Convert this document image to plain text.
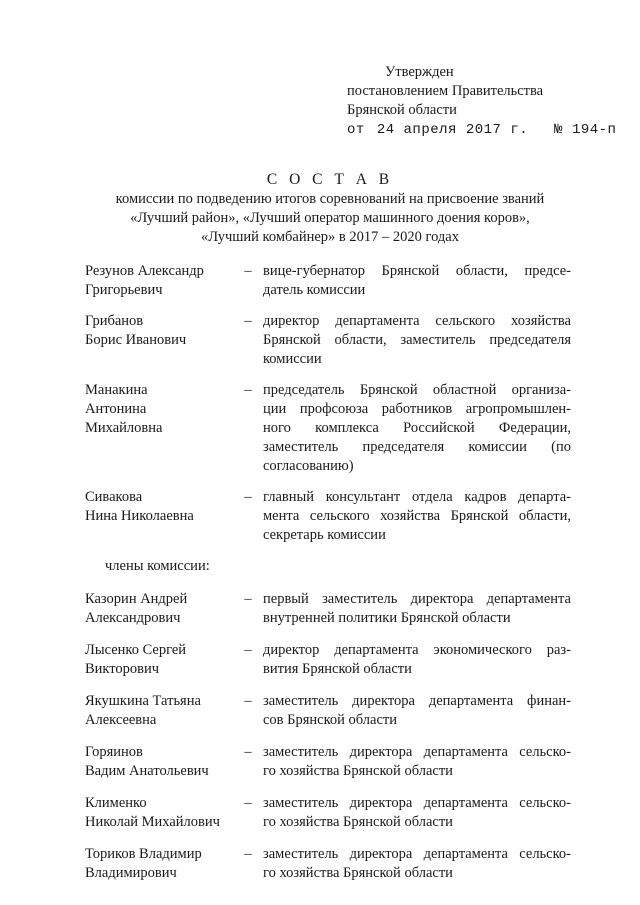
Утвержден
постановлением Правительства
Брянской области
от 24 апреля 2017 г. № 194-п
С О С Т А В
комиссии по подведению итогов соревнований на присвоение званий
«Лучший район», «Лучший оператор машинного доения коров»,
«Лучший комбайнер» в 2017 – 2020 годах
Резунов Александр
Григорьевич
– вице-губернатор Брянской области, предсе-
датель комиссии
Грибанов
Борис Иванович
– директор департамента сельского хозяйства
Брянской области, заместитель председателя
комиссии
Манакина
Антонина
Михайловна
– председатель Брянской областной организа-
ции профсоюза работников агропромышлен-
ного комплекса Российской Федерации,
заместитель председателя комиссии (по
согласованию)
Сивакова
Нина Николаевна
– главный консультант отдела кадров департа-
мента сельского хозяйства Брянской области,
секретарь комиссии
члены комиссии:
Казорин Андрей
Александрович
– первый заместитель директора департамента
внутренней политики Брянской области
Лысенко Сергей
Викторович
– директор департамента экономического раз-
вития Брянской области
Якушкина Татьяна
Алексеевна
– заместитель директора департамента финан-
сов Брянской области
Горяинов
Вадим Анатольевич
– заместитель директора департамента сельско-
го хозяйства Брянской области
Клименко
Николай Михайлович
– заместитель директора департамента сельско-
го хозяйства Брянской области
Ториков Владимир
Владимирович
– заместитель директора департамента сельско-
го хозяйства Брянской области
